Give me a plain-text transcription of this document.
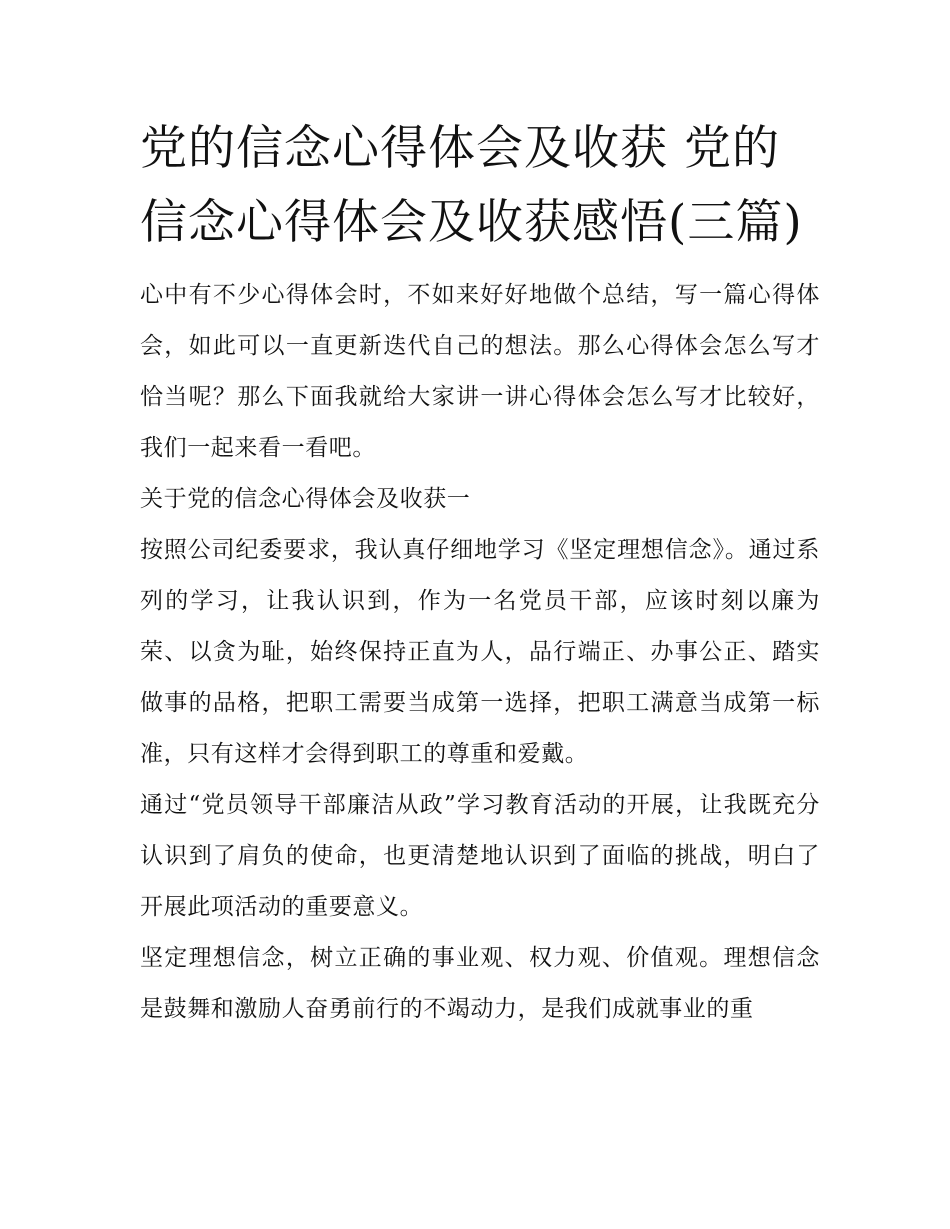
党的信念心得体会及收获 党的信念心得体会及收获感悟(三篇)

心中有不少心得体会时，不如来好好地做个总结，写一篇心得体会，如此可以一直更新迭代自己的想法。那么心得体会怎么写才恰当呢？那么下面我就给大家讲一讲心得体会怎么写才比较好，我们一起来看一看吧。

关于党的信念心得体会及收获一

按照公司纪委要求，我认真仔细地学习《坚定理想信念》。通过系列的学习，让我认识到，作为一名党员干部，应该时刻以廉为荣、以贪为耻，始终保持正直为人，品行端正、办事公正、踏实做事的品格，把职工需要当成第一选择，把职工满意当成第一标准，只有这样才会得到职工的尊重和爱戴。

通过“党员领导干部廉洁从政”学习教育活动的开展，让我既充分认识到了肩负的使命，也更清楚地认识到了面临的挑战，明白了开展此项活动的重要意义。

坚定理想信念，树立正确的事业观、权力观、价值观。理想信念是鼓舞和激励人奋勇前行的不竭动力，是我们成就事业的重
